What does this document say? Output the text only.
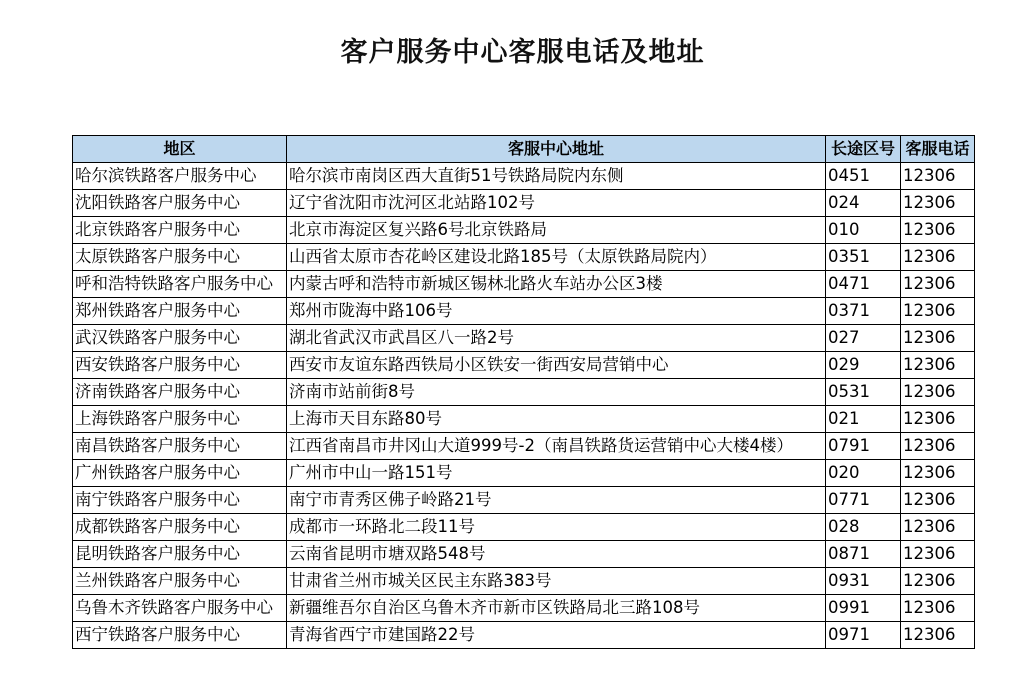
客户服务中心客服电话及地址
地区	客服中心地址	长途区号	客服电话
哈尔滨铁路客户服务中心	哈尔滨市南岗区西大直街51号铁路局院内东侧	0451	12306
沈阳铁路客户服务中心	辽宁省沈阳市沈河区北站路102号	024	12306
北京铁路客户服务中心	北京市海淀区复兴路6号北京铁路局	010	12306
太原铁路客户服务中心	山西省太原市杏花岭区建设北路185号（太原铁路局院内）	0351	12306
呼和浩特铁路客户服务中心	内蒙古呼和浩特市新城区锡林北路火车站办公区3楼	0471	12306
郑州铁路客户服务中心	郑州市陇海中路106号	0371	12306
武汉铁路客户服务中心	湖北省武汉市武昌区八一路2号	027	12306
西安铁路客户服务中心	西安市友谊东路西铁局小区铁安一街西安局营销中心	029	12306
济南铁路客户服务中心	济南市站前街8号	0531	12306
上海铁路客户服务中心	上海市天目东路80号	021	12306
南昌铁路客户服务中心	江西省南昌市井冈山大道999号-2（南昌铁路货运营销中心大楼4楼）	0791	12306
广州铁路客户服务中心	广州市中山一路151号	020	12306
南宁铁路客户服务中心	南宁市青秀区佛子岭路21号	0771	12306
成都铁路客户服务中心	成都市一环路北二段11号	028	12306
昆明铁路客户服务中心	云南省昆明市塘双路548号	0871	12306
兰州铁路客户服务中心	甘肃省兰州市城关区民主东路383号	0931	12306
乌鲁木齐铁路客户服务中心	新疆维吾尔自治区乌鲁木齐市新市区铁路局北三路108号	0991	12306
西宁铁路客户服务中心	青海省西宁市建国路22号	0971	12306
